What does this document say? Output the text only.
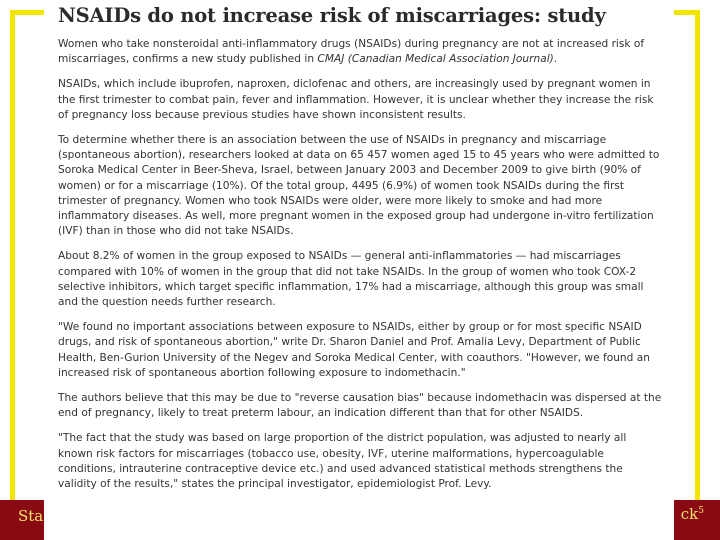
Sta	$ck^5$
NSAIDs do not increase risk of miscarriages: study

Women who take nonsteroidal anti-inflammatory drugs (NSAIDs) during pregnancy are not at increased risk of miscarriages, confirms a new study published in CMAJ (Canadian Medical Association Journal).

NSAIDs, which include ibuprofen, naproxen, diclofenac and others, are increasingly used by pregnant women in the first trimester to combat pain, fever and inflammation. However, it is unclear whether they increase the risk of pregnancy loss because previous studies have shown inconsistent results.

To determine whether there is an association between the use of NSAIDs in pregnancy and miscarriage (spontaneous abortion), researchers looked at data on 65 457 women aged 15 to 45 years who were admitted to Soroka Medical Center in Beer-Sheva, Israel, between January 2003 and December 2009 to give birth (90% of women) or for a miscarriage (10%). Of the total group, 4495 (6.9%) of women took NSAIDs during the first trimester of pregnancy. Women who took NSAIDs were older, were more likely to smoke and had more inflammatory diseases. As well, more pregnant women in the exposed group had undergone in-vitro fertilization (IVF) than in those who did not take NSAIDs.

About 8.2% of women in the group exposed to NSAIDs — general anti-inflammatories — had miscarriages compared with 10% of women in the group that did not take NSAIDs. In the group of women who took COX-2 selective inhibitors, which target specific inflammation, 17% had a miscarriage, although this group was small and the question needs further research.

"We found no important associations between exposure to NSAIDs, either by group or for most specific NSAID drugs, and risk of spontaneous abortion," write Dr. Sharon Daniel and Prof. Amalia Levy, Department of Public Health, Ben-Gurion University of the Negev and Soroka Medical Center, with coauthors. "However, we found an increased risk of spontaneous abortion following exposure to indomethacin."

The authors believe that this may be due to "reverse causation bias" because indomethacin was dispersed at the end of pregnancy, likely to treat preterm labour, an indication different than that for other NSAIDS.

"The fact that the study was based on large proportion of the district population, was adjusted to nearly all known risk factors for miscarriages (tobacco use, obesity, IVF, uterine malformations, hypercoagulable conditions, intrauterine contraceptive device etc.) and used advanced statistical methods strengthens the validity of the results," states the principal investigator, epidemiologist Prof. Levy.
